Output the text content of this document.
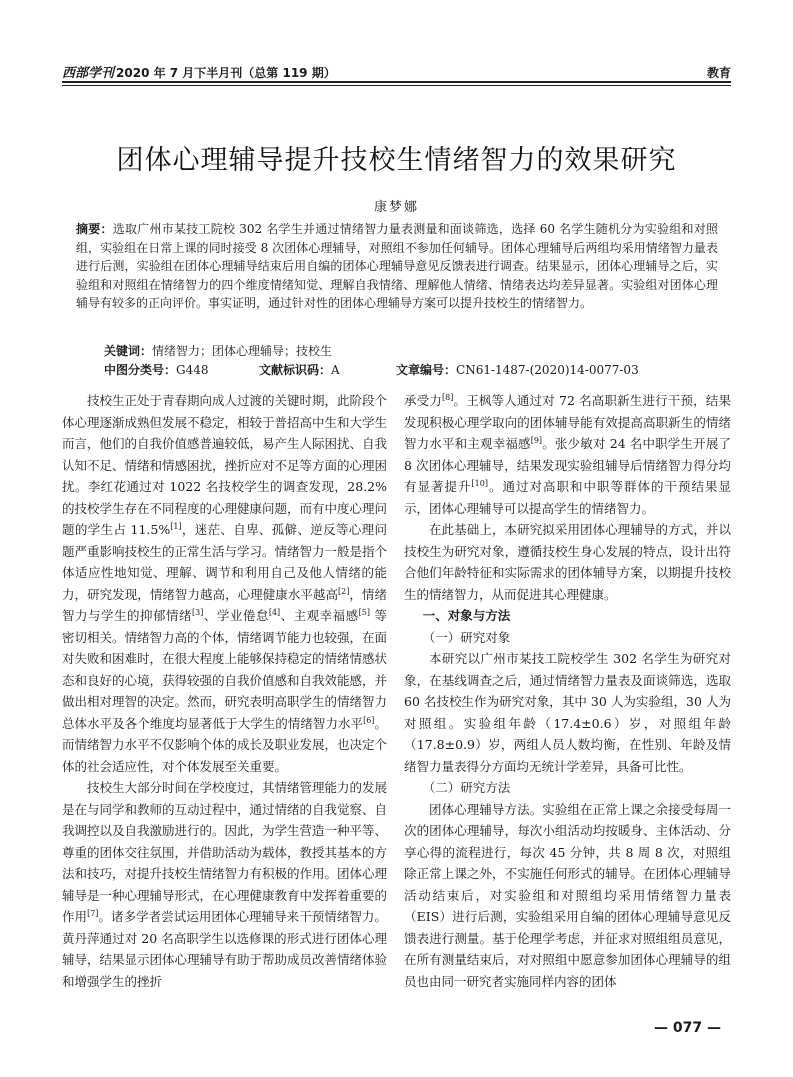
西部学刊 2020 年 7 月下半月刊（总第 119 期）	教育
团体心理辅导提升技校生情绪智力的效果研究
康梦娜
摘要：选取广州市某技工院校 302 名学生并通过情绪智力量表测量和面谈筛选，选择 60 名学生随机分为实验组和对照组，实验组在日常上课的同时接受 8 次团体心理辅导，对照组不参加任何辅导。团体心理辅导后两组均采用情绪智力量表进行后测，实验组在团体心理辅导结束后用自编的团体心理辅导意见反馈表进行调查。结果显示，团体心理辅导之后，实验组和对照组在情绪智力的四个维度情绪知觉、理解自我情绪、理解他人情绪、情绪表达均差异显著。实验组对团体心理辅导有较多的正向评价。事实证明，通过针对性的团体心理辅导方案可以提升技校生的情绪智力。
关键词：情绪智力；团体心理辅导；技校生
中图分类号：G448	文献标识码：A	文章编号：CN61-1487-(2020)14-0077-03

技校生正处于青春期向成人过渡的关键时期，此阶段个体心理逐渐成熟但发展不稳定，相较于普招高中生和大学生而言，他们的自我价值感普遍较低，易产生人际困扰、自我认知不足、情绪和情感困扰，挫折应对不足等方面的心理困扰。李红花通过对 1022 名技校学生的调查发现，28.2% 的技校学生存在不同程度的心理健康问题，而有中度心理问题的学生占 11.5%[1]，迷茫、自卑、孤僻、逆反等心理问题严重影响技校生的正常生活与学习。情绪智力一般是指个体适应性地知觉、理解、调节和利用自己及他人情绪的能力，研究发现，情绪智力越高，心理健康水平越高[2]，情绪智力与学生的抑郁情绪[3]、学业倦怠[4]、主观幸福感[5] 等密切相关。情绪智力高的个体，情绪调节能力也较强，在面对失败和困难时，在很大程度上能够保持稳定的情绪情感状态和良好的心境，获得较强的自我价值感和自我效能感，并做出相对理智的决定。然而，研究表明高职学生的情绪智力总体水平及各个维度均显著低于大学生的情绪智力水平[6]。而情绪智力水平不仅影响个体的成长及职业发展，也决定个体的社会适应性，对个体发展至关重要。

技校生大部分时间在学校度过，其情绪管理能力的发展是在与同学和教师的互动过程中，通过情绪的自我觉察、自我调控以及自我激励进行的。因此，为学生营造一种平等、尊重的团体交往氛围，并借助活动为载体，教授其基本的方法和技巧，对提升技校生情绪智力有积极的作用。团体心理辅导是一种心理辅导形式，在心理健康教育中发挥着重要的作用[7]。诸多学者尝试运用团体心理辅导来干预情绪智力。黄丹萍通过对 20 名高职学生以选修课的形式进行团体心理辅导，结果显示团体心理辅导有助于帮助成员改善情绪体验和增强学生的挫折

承受力[8]。王枫等人通过对 72 名高职新生进行干预，结果发现积极心理学取向的团体辅导能有效提高高职新生的情绪智力水平和主观幸福感[9]。张少敏对 24 名中职学生开展了 8 次团体心理辅导，结果发现实验组辅导后情绪智力得分均有显著提升[10]。通过对高职和中职等群体的干预结果显示，团体心理辅导可以提高学生的情绪智力。

在此基础上，本研究拟采用团体心理辅导的方式，并以技校生为研究对象，遵循技校生身心发展的特点，设计出符合他们年龄特征和实际需求的团体辅导方案，以期提升技校生的情绪智力，从而促进其心理健康。

一、对象与方法

（一）研究对象

本研究以广州市某技工院校学生 302 名学生为研究对象，在基线调查之后，通过情绪智力量表及面谈筛选，选取 60 名技校生作为研究对象，其中 30 人为实验组，30 人为对照组。实验组年龄（17.4±0.6）岁，对照组年龄（17.8±0.9）岁，两组人员人数均衡，在性别、年龄及情绪智力量表得分方面均无统计学差异，具备可比性。

（二）研究方法

团体心理辅导方法。实验组在正常上课之余接受每周一次的团体心理辅导，每次小组活动均按暖身、主体活动、分享心得的流程进行，每次 45 分钟，共 8 周 8 次，对照组除正常上课之外，不实施任何形式的辅导。在团体心理辅导活动结束后，对实验组和对照组均采用情绪智力量表（EIS）进行后测，实验组采用自编的团体心理辅导意见反馈表进行测量。基于伦理学考虑，并征求对照组组员意见，在所有测量结束后，对对照组中愿意参加团体心理辅导的组员也由同一研究者实施同样内容的团体

— 077 —
